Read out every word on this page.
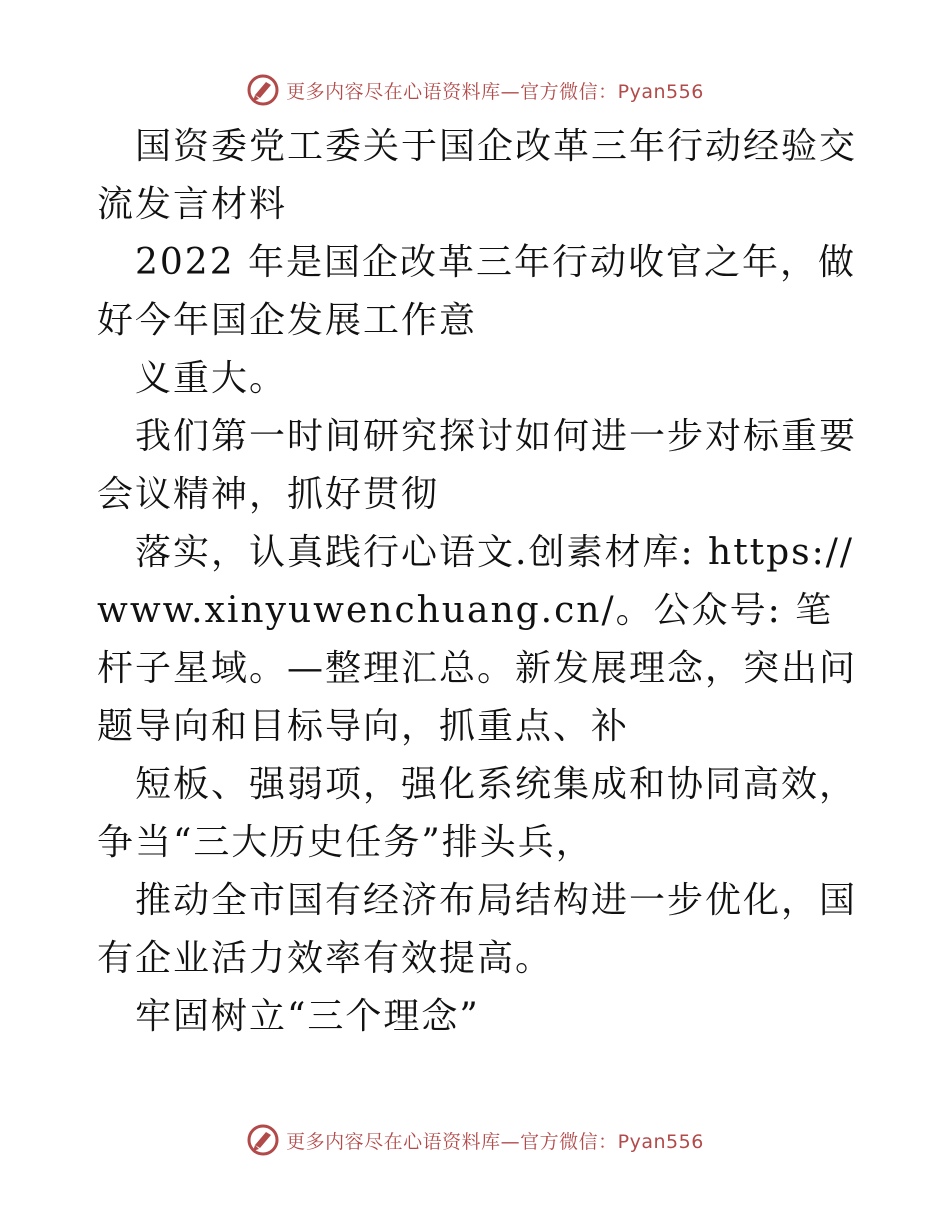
更多内容尽在心语资料库—官方微信：Pyan556

国资委党工委关于国企改革三年行动经验交流发言材料

2022 年是国企改革三年行动收官之年，做好今年国企发展工作意

义重大。

我们第一时间研究探讨如何进一步对标重要会议精神，抓好贯彻

落实，认真践行心语文.创素材库: https://

www.xinyuwenchuang.cn/。公众号: 笔杆子星域。—整理汇总。新发展理念，突出问题导向和目标导向，抓重点、补

短板、强弱项，强化系统集成和协同高效，争当“三大历史任务”排头兵，

推动全市国有经济布局结构进一步优化，国有企业活力效率有效提高。

牢固树立“三个理念”

更多内容尽在心语资料库—官方微信：Pyan556
